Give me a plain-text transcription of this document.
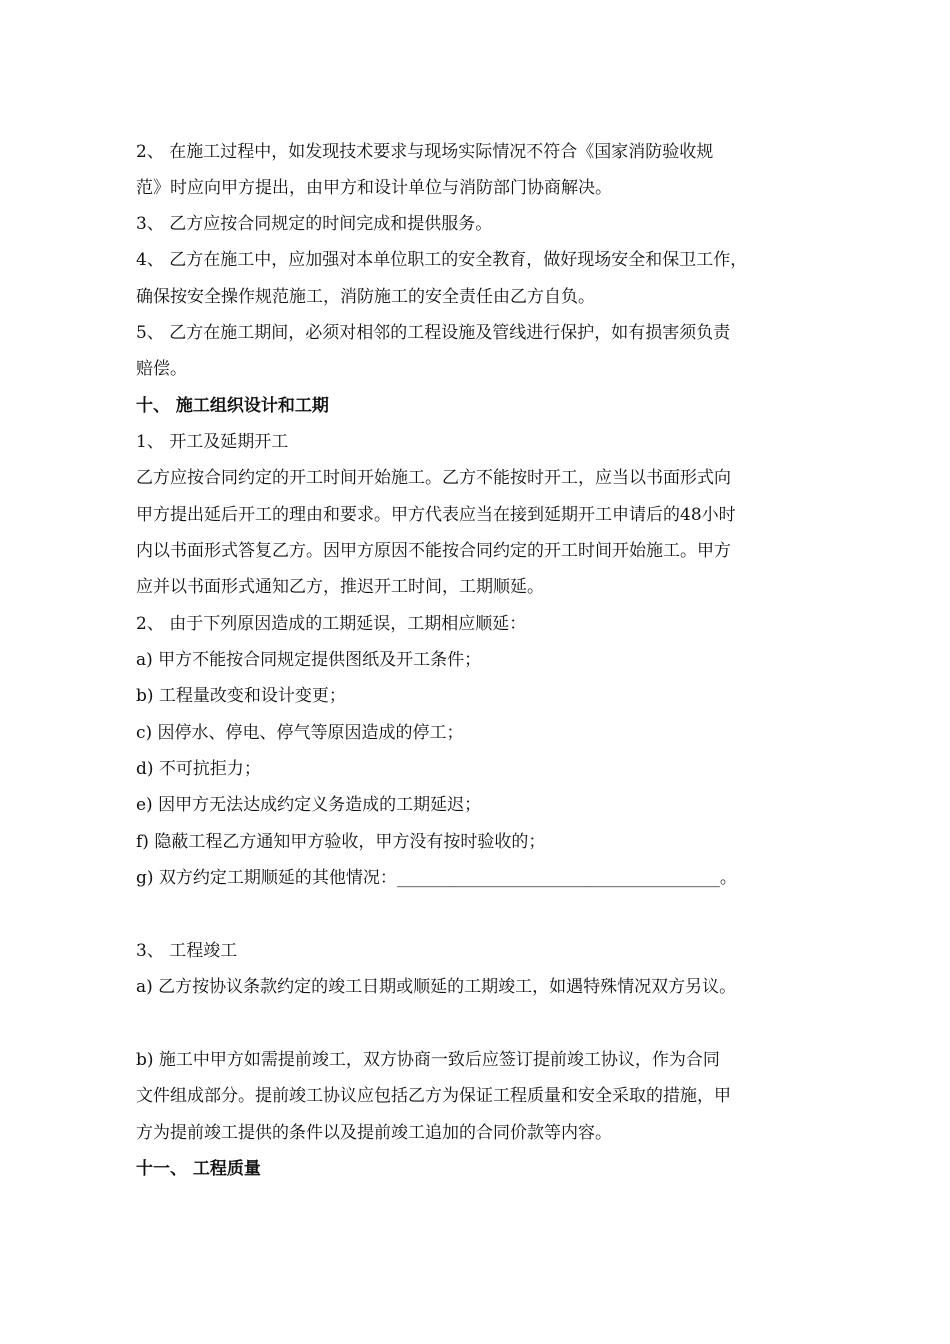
2、 在施工过程中，如发现技术要求与现场实际情况不符合《国家消防验收规
范》时应向甲方提出，由甲方和设计单位与消防部门协商解决。
3、 乙方应按合同规定的时间完成和提供服务。
4、 乙方在施工中，应加强对本单位职工的安全教育，做好现场安全和保卫工作，
确保按安全操作规范施工，消防施工的安全责任由乙方自负。
5、 乙方在施工期间，必须对相邻的工程设施及管线进行保护，如有损害须负责
赔偿。
十、 施工组织设计和工期
1、 开工及延期开工
乙方应按合同约定的开工时间开始施工。乙方不能按时开工，应当以书面形式向
甲方提出延后开工的理由和要求。甲方代表应当在接到延期开工申请后的48小时
内以书面形式答复乙方。因甲方原因不能按合同约定的开工时间开始施工。甲方
应并以书面形式通知乙方，推迟开工时间，工期顺延。
2、 由于下列原因造成的工期延误，工期相应顺延：
a) 甲方不能按合同规定提供图纸及开工条件；
b) 工程量改变和设计变更；
c) 因停水、停电、停气等原因造成的停工；
d) 不可抗拒力；
e) 因甲方无法达成约定义务造成的工期延迟；
f) 隐蔽工程乙方通知甲方验收，甲方没有按时验收的；
g) 双方约定工期顺延的其他情况：______________________________________。
3、 工程竣工
a) 乙方按协议条款约定的竣工日期或顺延的工期竣工，如遇特殊情况双方另议。
b) 施工中甲方如需提前竣工，双方协商一致后应签订提前竣工协议，作为合同
文件组成部分。提前竣工协议应包括乙方为保证工程质量和安全采取的措施，甲
方为提前竣工提供的条件以及提前竣工追加的合同价款等内容。
十一、 工程质量
